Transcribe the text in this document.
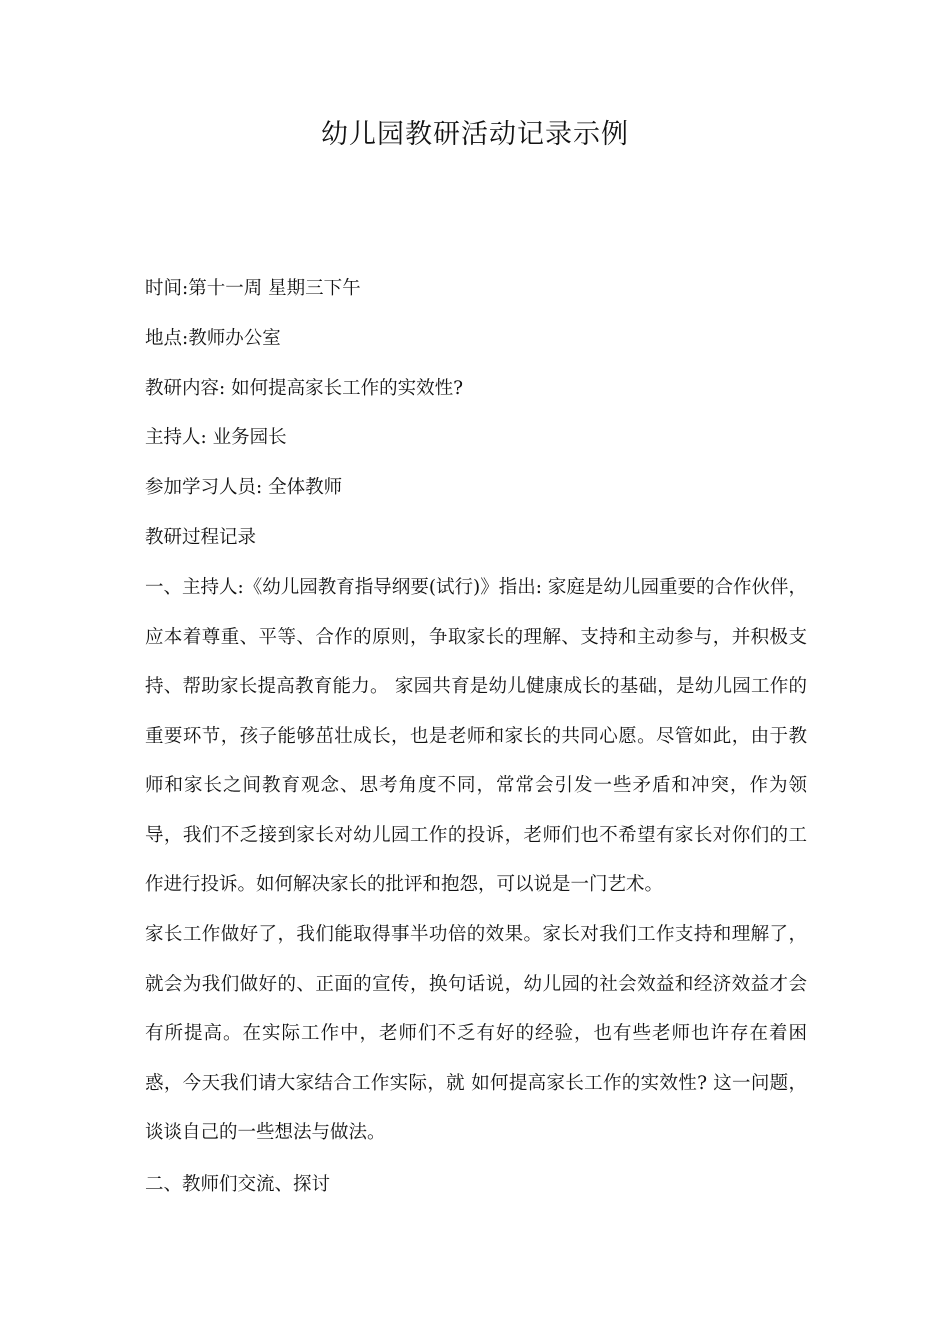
幼儿园教研活动记录示例
时间:第十一周 星期三下午
地点:教师办公室
教研内容: 如何提高家长工作的实效性?
主持人: 业务园长
参加学习人员: 全体教师
教研过程记录
一、主持人:《幼儿园教育指导纲要(试行)》指出: 家庭是幼儿园重要的合作伙伴，应本着尊重、平等、合作的原则，争取家长的理解、支持和主动参与，并积极支持、帮助家长提高教育能力。 家园共育是幼儿健康成长的基础，是幼儿园工作的重要环节，孩子能够茁壮成长，也是老师和家长的共同心愿。尽管如此，由于教师和家长之间教育观念、思考角度不同，常常会引发一些矛盾和冲突，作为领导，我们不乏接到家长对幼儿园工作的投诉，老师们也不希望有家长对你们的工作进行投诉。如何解决家长的批评和抱怨，可以说是一门艺术。
家长工作做好了，我们能取得事半功倍的效果。家长对我们工作支持和理解了，就会为我们做好的、正面的宣传，换句话说，幼儿园的社会效益和经济效益才会有所提高。在实际工作中，老师们不乏有好的经验，也有些老师也许存在着困惑，今天我们请大家结合工作实际，就 如何提高家长工作的实效性? 这一问题，谈谈自己的一些想法与做法。
二、教师们交流、探讨
